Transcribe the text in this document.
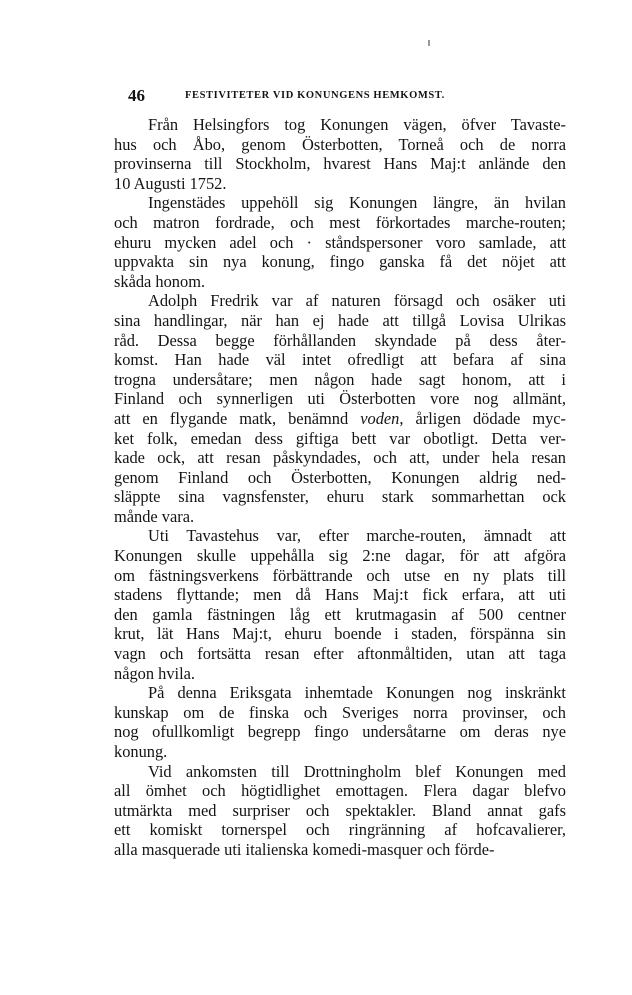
46	FESTIVITETER VID KONUNGENS HEMKOMST.
Från Helsingfors tog Konungen vägen, öfver Tavaste-
hus och Åbo, genom Österbotten, Torneå och de norra
provinserna till Stockholm, hvarest Hans Maj:t anlände den
10 Augusti 1752.
Ingenstädes uppehöll sig Konungen längre, än hvilan
och matron fordrade, och mest förkortades marche-routen;
ehuru mycken adel och · ståndspersoner voro samlade, att
uppvakta sin nya konung, fingo ganska få det nöjet att
skåda honom.
Adolph Fredrik var af naturen försagd och osäker uti
sina handlingar, när han ej hade att tillgå Lovisa Ulrikas
råd. Dessa begge förhållanden skyndade på dess åter-
komst. Han hade väl intet ofredligt att befara af sina
trogna undersåtare; men någon hade sagt honom, att i
Finland och synnerligen uti Österbotten vore nog allmänt,
att en flygande matk, benämnd voden, årligen dödade myc-
ket folk, emedan dess giftiga bett var obotligt. Detta ver-
kade ock, att resan påskyndades, och att, under hela resan
genom Finland och Österbotten, Konungen aldrig ned-
släppte sina vagnsfenster, ehuru stark sommarhettan ock
månde vara.
Uti Tavastehus var, efter marche-routen, ämnadt att
Konungen skulle uppehålla sig 2:ne dagar, för att afgöra
om fästningsverkens förbättrande och utse en ny plats till
stadens flyttande; men då Hans Maj:t fick erfara, att uti
den gamla fästningen låg ett krutmagasin af 500 centner
krut, lät Hans Maj:t, ehuru boende i staden, förspänna sin
vagn och fortsätta resan efter aftonmåltiden, utan att taga
någon hvila.
På denna Eriksgata inhemtade Konungen nog inskränkt
kunskap om de finska och Sveriges norra provinser, och
nog ofullkomligt begrepp fingo undersåtarne om deras nye
konung.
Vid ankomsten till Drottningholm blef Konungen med
all ömhet och högtidlighet emottagen. Flera dagar blefvo
utmärkta med surpriser och spektakler. Bland annat gafs
ett komiskt tornerspel och ringränning af hofcavalierer,
alla masquerade uti italienska komedi-masquer och förde-
